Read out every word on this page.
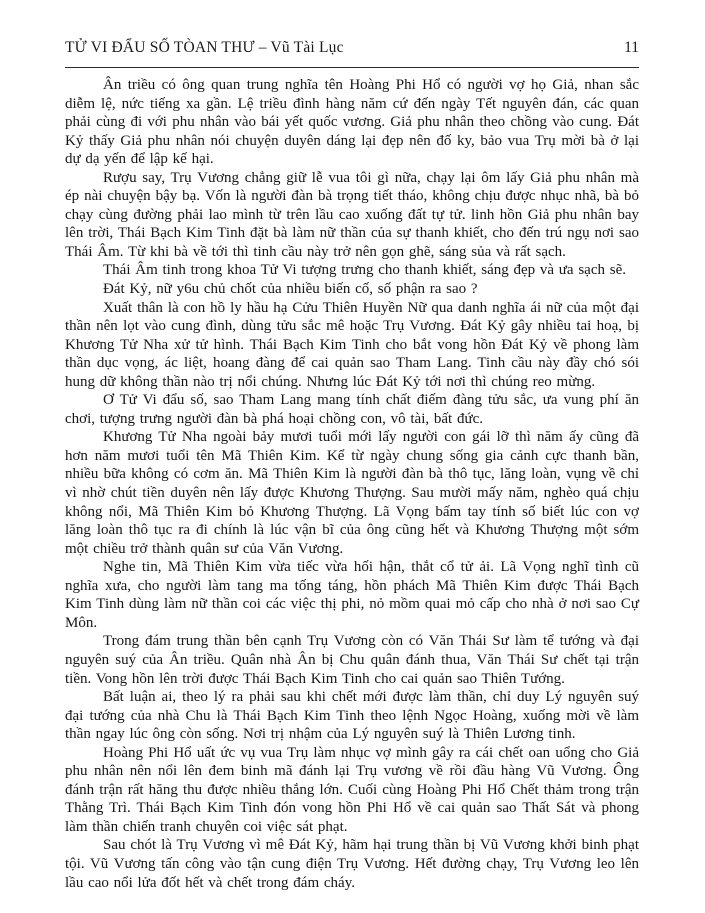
TỬ VI ĐẨU SỐ TÒAN THƯ – Vũ Tài Lục	11

Ân triều có ông quan trung nghĩa tên Hoàng Phi Hổ có người vợ họ Giả, nhan sắc diễm lệ, nức tiếng xa gần. Lệ triều đình hàng năm cứ đến ngày Tết nguyên đán, các quan phải cùng đi với phu nhân vào bái yết quốc vương. Giả phu nhân theo chồng vào cung. Đát Kỷ thấy Giả phu nhân nói chuyện duyên dáng lại đẹp nên đố ky, bảo vua Trụ mời bà ở lại dự dạ yến để lập kế hại.

Rượu say, Trụ Vương chẳng giữ lễ vua tôi gì nữa, chạy lại ôm lấy Giả phu nhân mà ép nài chuyện bậy bạ. Vốn là người đàn bà trọng tiết tháo, không chịu được nhục nhã, bà bỏ chạy cùng đường phải lao mình từ trên lầu cao xuống đất tự tử. linh hồn Giả phu nhân bay lên trời, Thái Bạch Kim Tinh đặt bà làm nữ thần của sự thanh khiết, cho đến trú ngụ nơi sao Thái Âm. Từ khi bà về tới thì tinh cầu này trở nên gọn ghẽ, sáng sủa và rất sạch.

Thái Âm tinh trong khoa Tử Vi tượng trưng cho thanh khiết, sáng đẹp và ưa sạch sẽ.

Đát Kỷ, nữ y6u chủ chốt của nhiều biến cố, số phận ra sao ?

Xuất thân là con hồ ly hầu hạ Cửu Thiên Huyền Nữ qua danh nghĩa ái nữ của một đại thần nên lọt vào cung đình, dùng tửu sắc mê hoặc Trụ Vương. Đát Kỷ gây nhiều tai hoạ, bị Khương Tử Nha xử tử hình. Thái Bạch Kim Tinh cho bắt vong hồn Đát Kỷ về phong làm thần dục vọng, ác liệt, hoang đàng để cai quản sao Tham Lang. Tinh cầu này đầy chó sói hung dữ không thần nào trị nổi chúng. Nhưng lúc Đát Kỷ tới nơi thì chúng reo mừng.

Ơ Tử Vi đẩu số, sao Tham Lang mang tính chất điếm đàng tửu sắc, ưa vung phí ăn chơi, tượng trưng người đàn bà phá hoại chồng con, vô tài, bất đức.

Khương Tử Nha ngoài bảy mươi tuổi mới lấy người con gái lỡ thì năm ấy cũng đã hơn năm mươi tuổi tên Mã Thiên Kim. Kể từ ngày chung sống gia cảnh cực thanh bần, nhiều bữa không có cơm ăn. Mã Thiên Kim là người đàn bà thô tục, lăng loàn, vụng về chỉ vì nhờ chút tiền duyên nên lấy được Khương Thượng. Sau mười mấy năm, nghèo quá chịu không nổi, Mã Thiên Kim bỏ Khương Thượng. Lã Vọng bấm tay tính số biết lúc con vợ lăng loàn thô tục ra đi chính là lúc vận bĩ của ông cũng hết và Khương Thượng một sớm một chiều trở thành quân sư của Văn Vương.

Nghe tin, Mã Thiên Kim vừa tiếc vừa hối hận, thắt cổ tử ải. Lã Vọng nghĩ tình cũ nghĩa xưa, cho người làm tang ma tống táng, hồn phách Mã Thiên Kim được Thái Bạch Kim Tinh dùng làm nữ thần coi các việc thị phi, nỏ mồm quai mỏ cấp cho nhà ở nơi sao Cự Môn.

Trong đám trung thần bên cạnh Trụ Vương còn có Văn Thái Sư làm tể tướng và đại nguyên suý của Ân triều. Quân nhà Ân bị Chu quân đánh thua, Văn Thái Sư chết tại trận tiền. Vong hồn lên trời được Thái Bạch Kim Tinh cho cai quản sao Thiên Tướng.

Bất luận ai, theo lý ra phải sau khi chết mới được làm thần, chỉ duy Lý nguyên suý đại tướng của nhà Chu là Thái Bạch Kim Tinh theo lệnh Ngọc Hoàng, xuống mời về làm thần ngay lúc ông còn sống. Nơi trị nhậm của Lý nguyên suý là Thiên Lương tinh.

Hoàng Phi Hổ uất ức vụ vua Trụ làm nhục vợ mình gây ra cái chết oan uổng cho Giả phu nhân nên nổi lên đem binh mã đánh lại Trụ vương về rồi đầu hàng Vũ Vương. Ông đánh trận rất hăng thu được nhiều thắng lớn. Cuối cùng Hoàng Phi Hổ Chết thảm trong trận Thằng Trì. Thái Bạch Kim Tinh đón vong hồn Phi Hổ về cai quản sao Thất Sát và phong làm thần chiến tranh chuyên coi việc sát phạt.

Sau chót là Trụ Vương vì mê Đát Kỷ, hãm hại trung thần bị Vũ Vương khởi binh phạt tội. Vũ Vương tấn công vào tận cung điện Trụ Vương. Hết đường chạy, Trụ Vương leo lên lầu cao nổi lửa đốt hết và chết trong đám cháy.
